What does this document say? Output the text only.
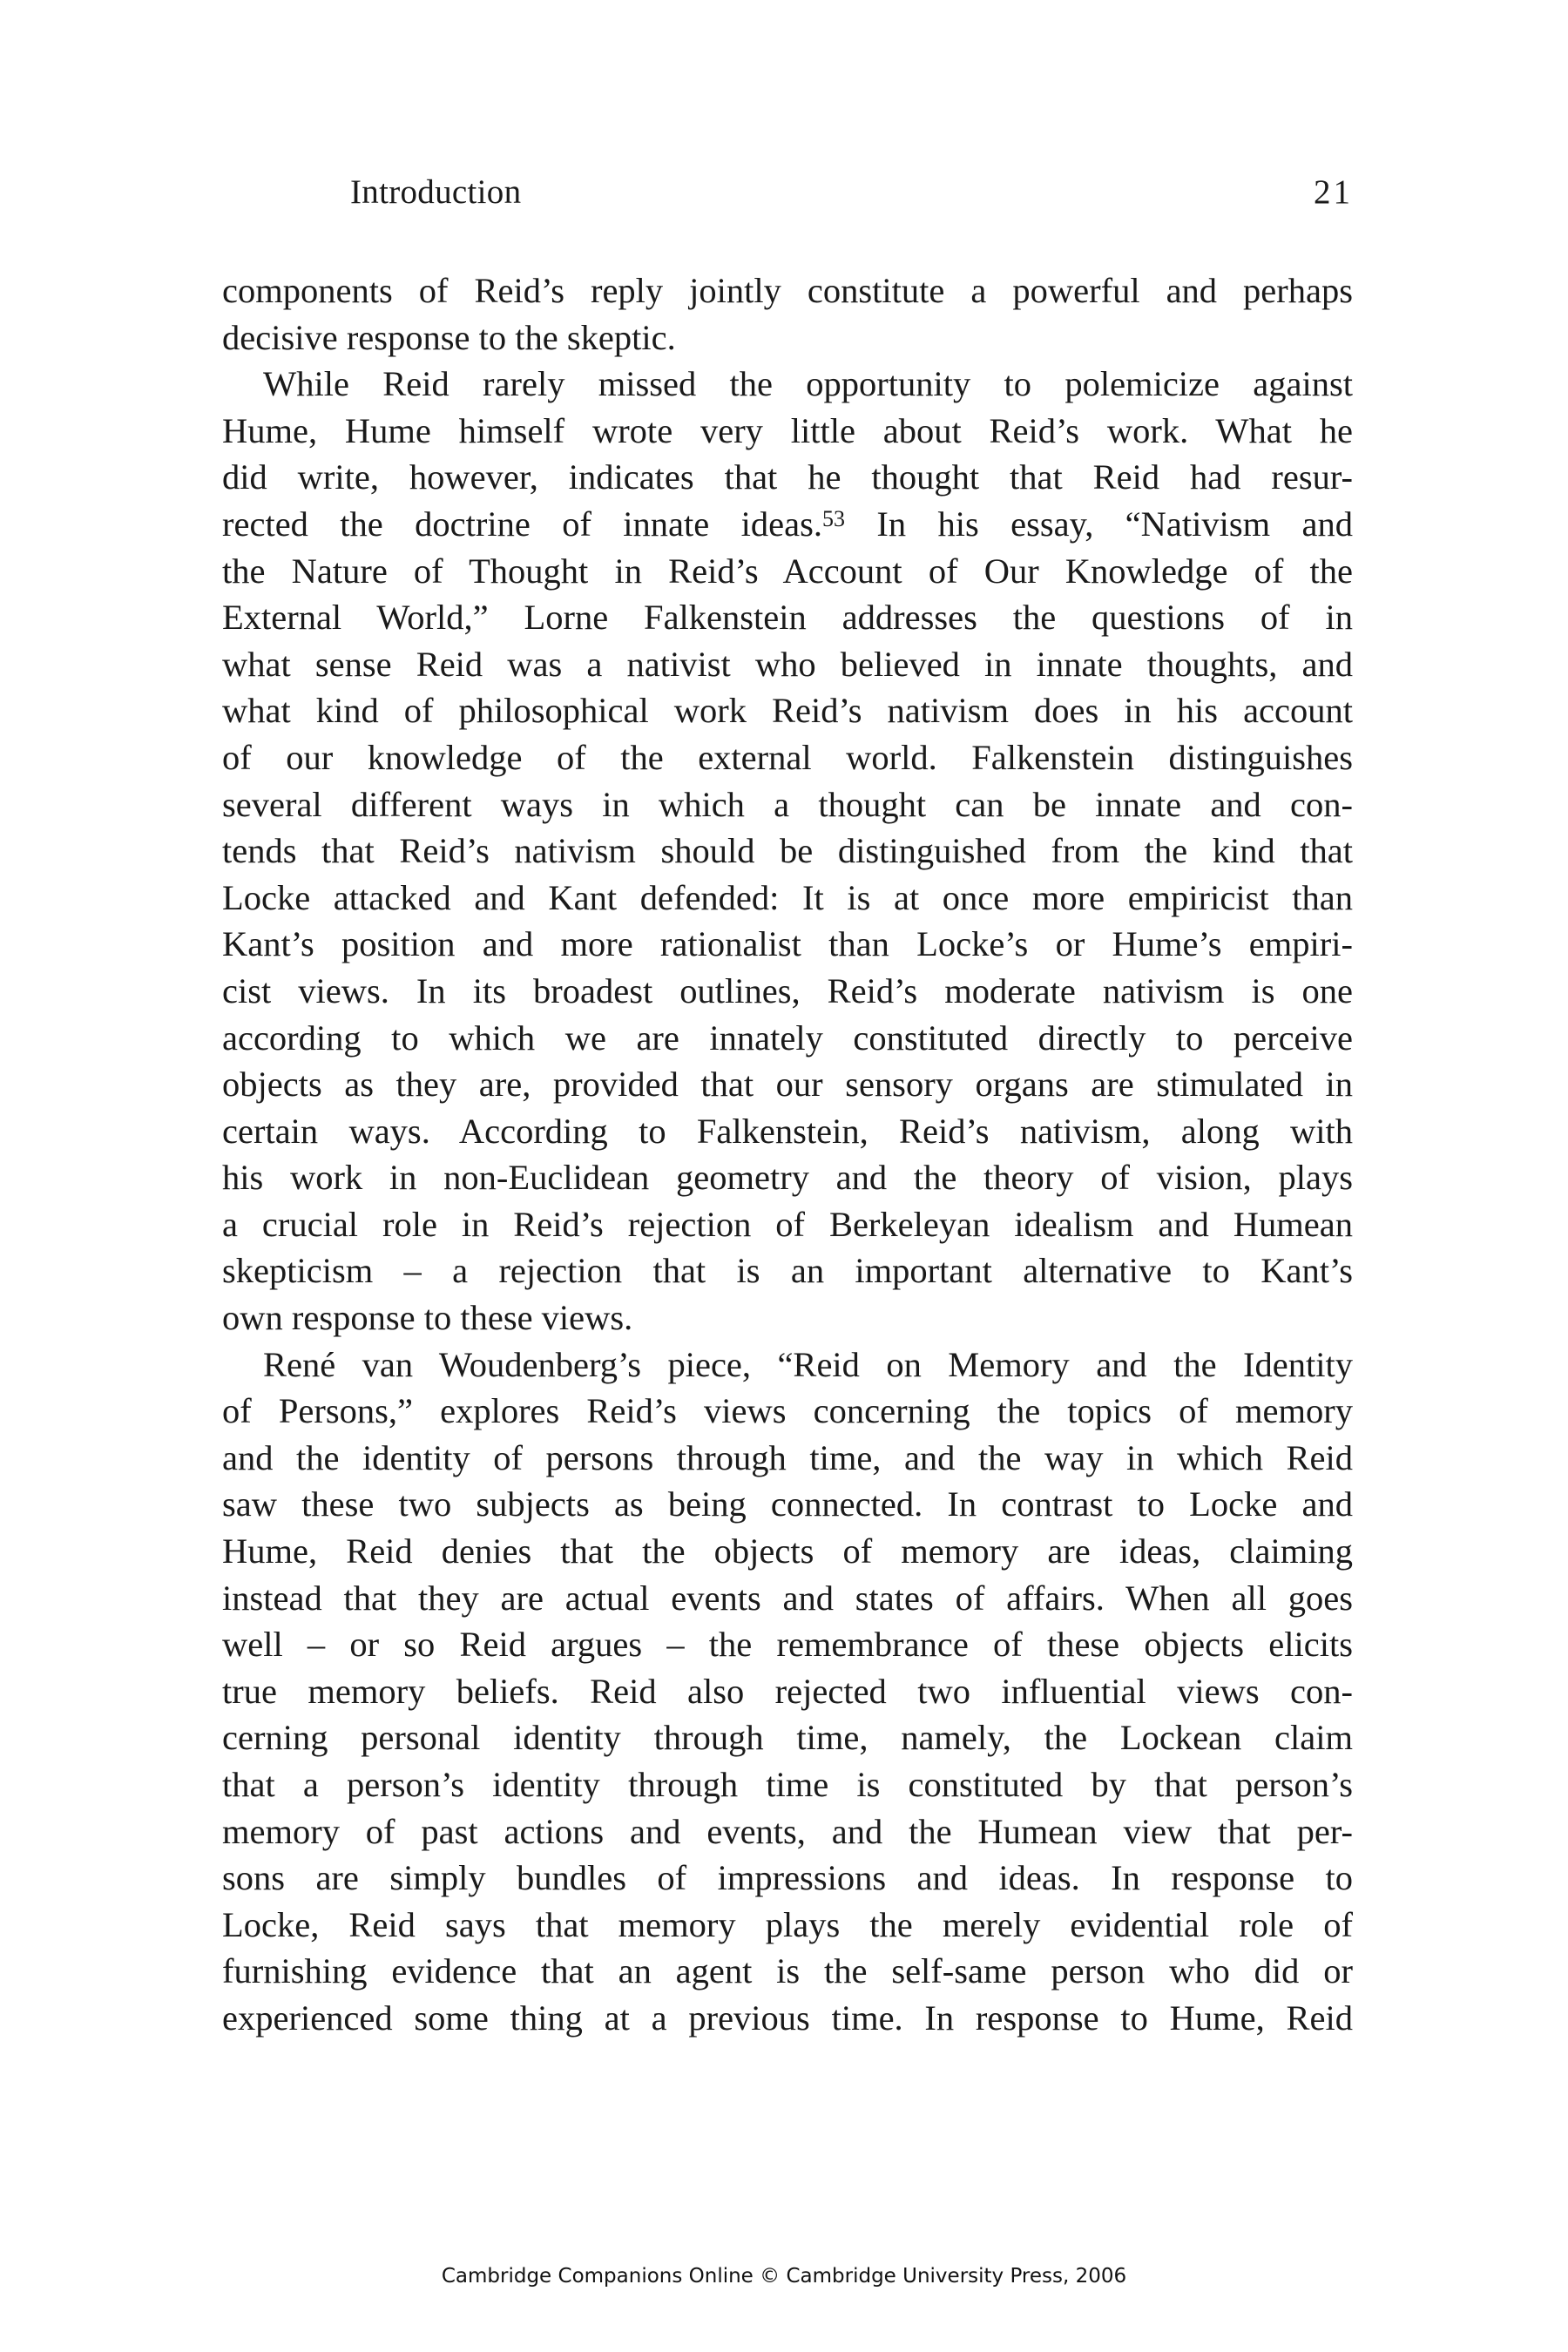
Introduction	21
components of Reid’s reply jointly constitute a powerful and perhaps
decisive response to the skeptic.
While Reid rarely missed the opportunity to polemicize against
Hume, Hume himself wrote very little about Reid’s work. What he
did write, however, indicates that he thought that Reid had resur-
rected the doctrine of innate ideas.$^{53}$ In his essay, “Nativism and
the Nature of Thought in Reid’s Account of Our Knowledge of the
External World,” Lorne Falkenstein addresses the questions of in
what sense Reid was a nativist who believed in innate thoughts, and
what kind of philosophical work Reid’s nativism does in his account
of our knowledge of the external world. Falkenstein distinguishes
several different ways in which a thought can be innate and con-
tends that Reid’s nativism should be distinguished from the kind that
Locke attacked and Kant defended: It is at once more empiricist than
Kant’s position and more rationalist than Locke’s or Hume’s empiri-
cist views. In its broadest outlines, Reid’s moderate nativism is one
according to which we are innately constituted directly to perceive
objects as they are, provided that our sensory organs are stimulated in
certain ways. According to Falkenstein, Reid’s nativism, along with
his work in non-Euclidean geometry and the theory of vision, plays
a crucial role in Reid’s rejection of Berkeleyan idealism and Humean
skepticism – a rejection that is an important alternative to Kant’s
own response to these views.
René van Woudenberg’s piece, “Reid on Memory and the Identity
of Persons,” explores Reid’s views concerning the topics of memory
and the identity of persons through time, and the way in which Reid
saw these two subjects as being connected. In contrast to Locke and
Hume, Reid denies that the objects of memory are ideas, claiming
instead that they are actual events and states of affairs. When all goes
well – or so Reid argues – the remembrance of these objects elicits
true memory beliefs. Reid also rejected two influential views con-
cerning personal identity through time, namely, the Lockean claim
that a person’s identity through time is constituted by that person’s
memory of past actions and events, and the Humean view that per-
sons are simply bundles of impressions and ideas. In response to
Locke, Reid says that memory plays the merely evidential role of
furnishing evidence that an agent is the self-same person who did or
experienced some thing at a previous time. In response to Hume, Reid
Cambridge Companions Online © Cambridge University Press, 2006
